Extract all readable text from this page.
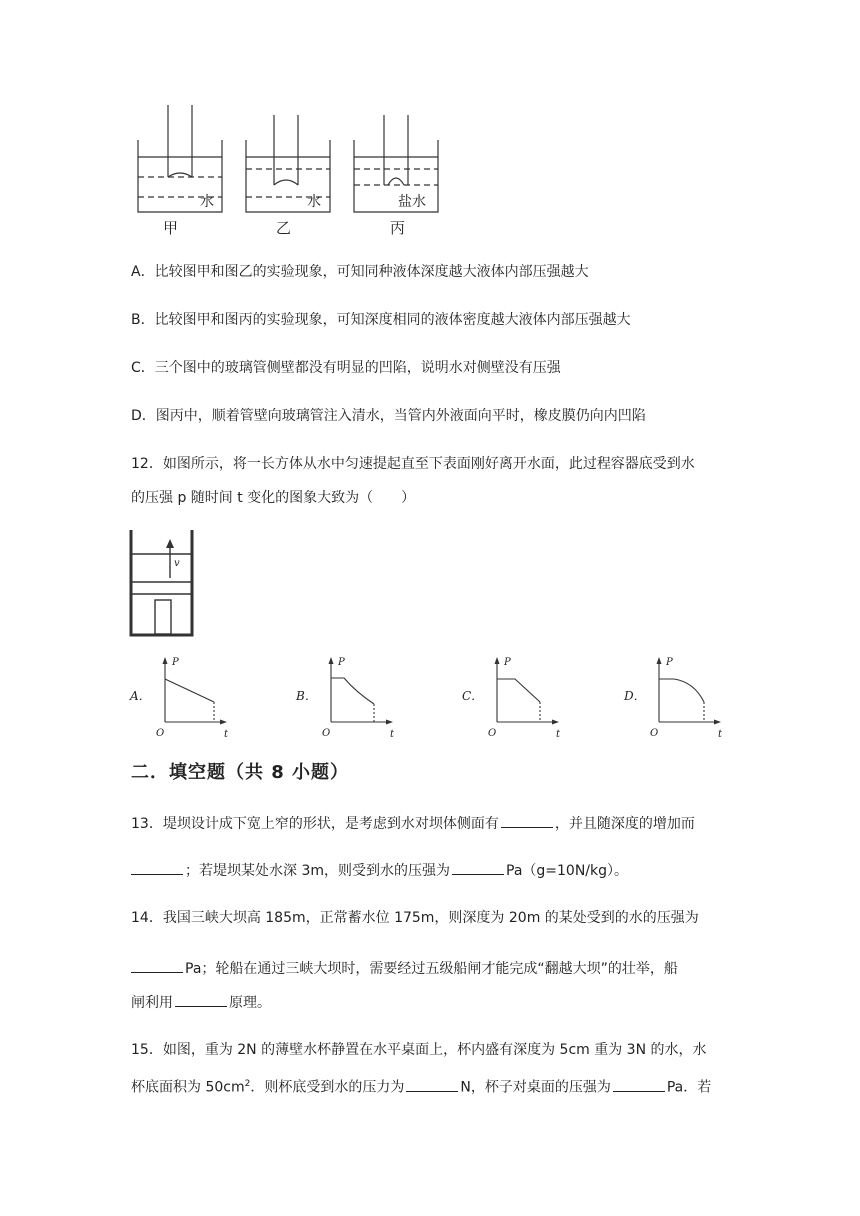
水	水	盐水
甲	乙	丙
A．比较图甲和图乙的实验现象，可知同种液体深度越大液体内部压强越大
B．比较图甲和图丙的实验现象，可知深度相同的液体密度越大液体内部压强越大
C．三个图中的玻璃管侧壁都没有明显的凹陷，说明水对侧壁没有压强
D．图丙中，顺着管壁向玻璃管注入清水，当管内外液面向平时，橡皮膜仍向内凹陷
12．如图所示，将一长方体从水中匀速提起直至下表面刚好离开水面，此过程容器底受到水
的压强 p 随时间 t 变化的图象大致为（　　）
v
A．
P
t
O
B．
P
t
O
C．
P
t
O
D．
P
t
O
二．填空题（共 8 小题）
13．堤坝设计成下宽上窄的形状，是考虑到水对坝体侧面有	，并且随深度的增加而
；若堤坝某处水深 3m，则受到水的压强为	Pa（g=10N/kg）。
14．我国三峡大坝高 185m，正常蓄水位 175m，则深度为 20m 的某处受到的水的压强为
Pa；轮船在通过三峡大坝时，需要经过五级船闸才能完成“翻越大坝”的壮举，船
闸利用	原理。
15．如图，重为 2N 的薄壁水杯静置在水平桌面上，杯内盛有深度为 5cm 重为 3N 的水，水
杯底面积为 $50cm^2$．则杯底受到水的压力为	N，杯子对桌面的压强为	Pa．若
